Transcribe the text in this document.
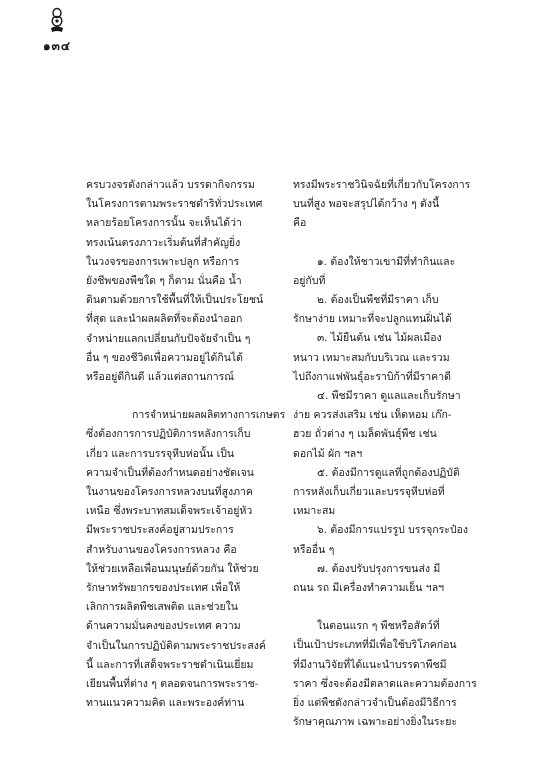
๑๓๔
ครบวงจรดังกล่าวแล้ว บรรดากิจกรรม
ในโครงการตามพระราชดำริทั่วประเทศ
หลายร้อยโครงการนั้น จะเห็นได้ว่า
ทรงเน้นตรงภาวะเริ่มต้นที่สำคัญยิ่ง
ในวงจรของการเพาะปลูก หรือการ
ยังชีพของพืชใด ๆ ก็ตาม นั่นคือ น้ำ
ดินตามด้วยการใช้พื้นที่ให้เป็นประโยชน์
ที่สุด และนำผลผลิตที่จะต้องนำออก
จำหน่ายแลกเปลี่ยนกับปัจจัยจำเป็น ๆ
อื่น ๆ ของชีวิตเพื่อความอยู่ได้กินได้
หรืออยู่ดีกินดี แล้วแต่สถานการณ์
การจำหน่ายผลผลิตทางการเกษตร
ซึ่งต้องการการปฏิบัติการหลังการเก็บ
เกี่ยว และการบรรจุหีบห่อนั้น เป็น
ความจำเป็นที่ต้องกำหนดอย่างชัดเจน
ในงานของโครงการหลวงบนที่สูงภาค
เหนือ ซึ่งพระบาทสมเด็จพระเจ้าอยู่หัว
มีพระราชประสงค์อยู่สามประการ
สำหรับงานของโครงการหลวง คือ
ให้ช่วยเหลือเพื่อนมนุษย์ด้วยกัน ให้ช่วย
รักษาทรัพยากรของประเทศ เพื่อให้
เลิกการผลิตพืชเสพติด และช่วยใน
ด้านความมั่นคงของประเทศ ความ
จำเป็นในการปฏิบัติตามพระราชประสงค์
นี้ และการที่เสด็จพระราชดำเนินเยี่ยม
เยียนพื้นที่ต่าง ๆ ตลอดจนการพระราช-
ทานแนวความคิด และพระองค์ท่าน
ทรงมีพระราชวินิจฉัยที่เกี่ยวกับโครงการ
บนที่สูง พอจะสรุปได้กว้าง ๆ ดังนี้
คือ
๑. ต้องให้ชาวเขามีที่ทำกินและ
อยู่กับที่
๒. ต้องเป็นพืชที่มีราคา เก็บ
รักษาง่าย เหมาะที่จะปลูกแทนฝิ่นได้
๓. ไม้ยืนต้น เช่น ไม้ผลเมือง
หนาว เหมาะสมกับบริเวณ และรวม
ไปถึงกาแฟพันธุ์อะราบิก้าที่มีราคาดี
๔. พืชมีราคา ดูแลและเก็บรักษา
ง่าย ควรส่งเสริม เช่น เห็ดหอม เก๊ก-
ฮวย ถั่วต่าง ๆ เมล็ดพันธุ์พืช เช่น
ดอกไม้ ผัก ฯลฯ
๕. ต้องมีการดูแลที่ถูกต้องปฏิบัติ
การหลังเก็บเกี่ยวและบรรจุหีบห่อที่
เหมาะสม
๖. ต้องมีการแปรรูป บรรจุกระป๋อง
หรืออื่น ๆ
๗. ต้องปรับปรุงการขนส่ง มี
ถนน รถ มีเครื่องทำความเย็น ฯลฯ
ในตอนแรก ๆ พืชหรือสัตว์ที่
เป็นเป้าประเภทที่มีเพื่อใช้บริโภคก่อน
ที่มีงานวิจัยที่ได้แนะนำบรรดาพืชมี
ราคา ซึ่งจะต้องมีตลาดและความต้องการ
ยิ่ง แต่พืชดังกล่าวจำเป็นต้องมีวิธีการ
รักษาคุณภาพ เฉพาะอย่างยิ่งในระยะ
